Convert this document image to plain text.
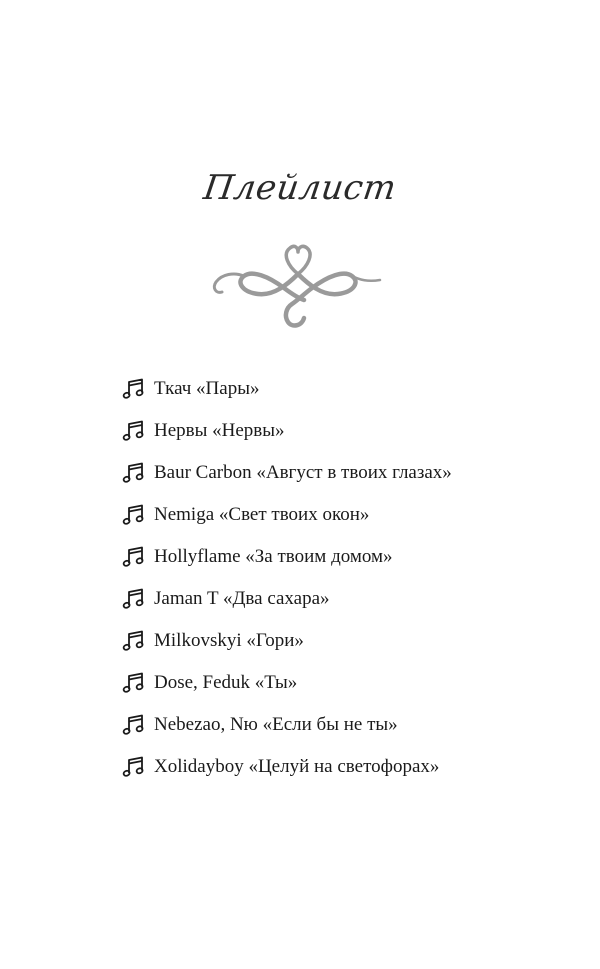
Плейлист
Ткач «Пары»
Нервы «Нервы»
Baur Carbon «Август в твоих глазах»
Nemiga «Свет твоих окон»
Hollyflame «За твоим домом»
Jaman T «Два сахара»
Milkovskyi «Гори»
Dose, Feduk «Ты»
Nebezao, Nю «Если бы не ты»
Xolidayboy «Целуй на светофорах»
